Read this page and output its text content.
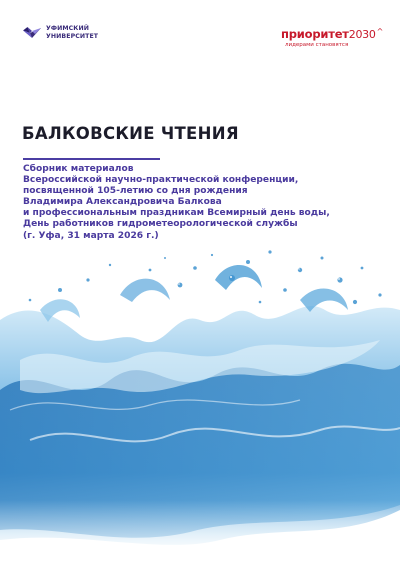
УФИМСКИЙ
УНИВЕРСИТЕТ	приоритет 2030 ^
лидерами становятся
БАЛКОВСКИЕ ЧТЕНИЯ
Сборник материалов
Всероссийской научно-практической конференции,
посвященной 105-летию со дня рождения
Владимира Александровича Балкова
и профессиональным праздникам Всемирный день воды,
День работников гидрометеорологической службы
(г. Уфа, 31 марта 2026 г.)
